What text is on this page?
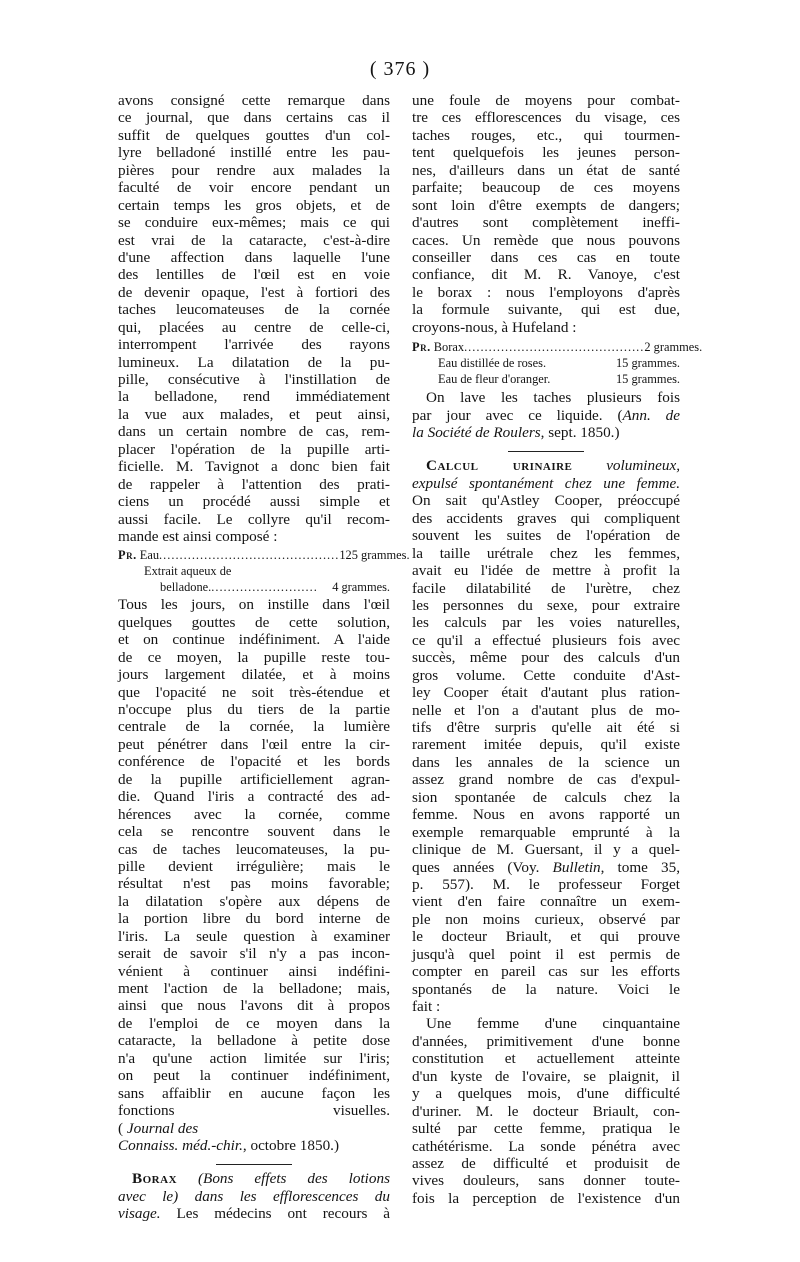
( 376 )
avons consigné cette remarque dans
ce journal, que dans certains cas il
suffit de quelques gouttes d'un col-
lyre belladoné instillé entre les pau-
pières pour rendre aux malades la
faculté de voir encore pendant un
certain temps les gros objets, et de
se conduire eux-mêmes; mais ce qui
est vrai de la cataracte, c'est-à-dire
d'une affection dans laquelle l'une
des lentilles de l'œil est en voie
de devenir opaque, l'est à fortiori des
taches leucomateuses de la cornée
qui, placées au centre de celle-ci,
interrompent l'arrivée des rayons
lumineux. La dilatation de la pu-
pille, consécutive à l'instillation de
la belladone, rend immédiatement
la vue aux malades, et peut ainsi,
dans un certain nombre de cas, rem-
placer l'opération de la pupille arti-
ficielle. M. Tavignot a donc bien fait
de rappeler à l'attention des prati-
ciens un procédé aussi simple et
aussi facile. Le collyre qu'il recom-
mande est ainsi composé :
Pr. Eau ............................................ 125 grammes.
Extrait aqueux de
belladone. ..........................	4 grammes.
Tous les jours, on instille dans l'œil
quelques gouttes de cette solution,
et on continue indéfiniment. A l'aide
de ce moyen, la pupille reste tou-
jours largement dilatée, et à moins
que l'opacité ne soit très-étendue et
n'occupe plus du tiers de la partie
centrale de la cornée, la lumière
peut pénétrer dans l'œil entre la cir-
conférence de l'opacité et les bords
de la pupille artificiellement agran-
die. Quand l'iris a contracté des ad-
hérences avec la cornée, comme
cela se rencontre souvent dans le
cas de taches leucomateuses, la pu-
pille devient irrégulière; mais le
résultat n'est pas moins favorable;
la dilatation s'opère aux dépens de
la portion libre du bord interne de
l'iris. La seule question à examiner
serait de savoir s'il n'y a pas incon-
vénient à continuer ainsi indéfini-
ment l'action de la belladone; mais,
ainsi que nous l'avons dit à propos
de l'emploi de ce moyen dans la
cataracte, la belladone à petite dose
n'a qu'une action limitée sur l'iris;
on peut la continuer indéfiniment,
sans affaiblir en aucune façon les
fonctions visuelles.
( Journal des
Connaiss. méd.-chir., octobre 1850.)
Borax (Bons effets des lotions
avec le) dans les efflorescences du
visage. Les médecins ont recours à
une foule de moyens pour combat-
tre ces efflorescences du visage, ces
taches rouges, etc., qui tourmen-
tent quelquefois les jeunes person-
nes, d'ailleurs dans un état de santé
parfaite; beaucoup de ces moyens
sont loin d'être exempts de dangers;
d'autres sont complètement ineffi-
caces. Un remède que nous pouvons
conseiller dans ces cas en toute
confiance, dit M. R. Vanoye, c'est
le borax : nous l'employons d'après
la formule suivante, qui est due,
croyons-nous, à Hufeland :
Pr. Borax ............................................ 2 grammes.
Eau distillée de roses.	15 grammes.
Eau de fleur d'oranger.	15 grammes.
On lave les taches plusieurs fois
par jour avec ce liquide. (Ann. de
la Société de Roulers, sept. 1850.)
Calcul urinaire volumineux,
expulsé spontanément chez une femme.
On sait qu'Astley Cooper, préoccupé
des accidents graves qui compliquent
souvent les suites de l'opération de
la taille urétrale chez les femmes,
avait eu l'idée de mettre à profit la
facile dilatabilité de l'urètre, chez
les personnes du sexe, pour extraire
les calculs par les voies naturelles,
ce qu'il a effectué plusieurs fois avec
succès, même pour des calculs d'un
gros volume. Cette conduite d'Ast-
ley Cooper était d'autant plus ration-
nelle et l'on a d'autant plus de mo-
tifs d'être surpris qu'elle ait été si
rarement imitée depuis, qu'il existe
dans les annales de la science un
assez grand nombre de cas d'expul-
sion spontanée de calculs chez la
femme. Nous en avons rapporté un
exemple remarquable emprunté à la
clinique de M. Guersant, il y a quel-
ques années (Voy. Bulletin, tome 35,
p. 557). M. le professeur Forget
vient d'en faire connaître un exem-
ple non moins curieux, observé par
le docteur Briault, et qui prouve
jusqu'à quel point il est permis de
compter en pareil cas sur les efforts
spontanés de la nature. Voici le
fait :
Une femme d'une cinquantaine
d'années, primitivement d'une bonne
constitution et actuellement atteinte
d'un kyste de l'ovaire, se plaignit, il
y a quelques mois, d'une difficulté
d'uriner. M. le docteur Briault, con-
sulté par cette femme, pratiqua le
cathétérisme. La sonde pénétra avec
assez de difficulté et produisit de
vives douleurs, sans donner toute-
fois la perception de l'existence d'un
